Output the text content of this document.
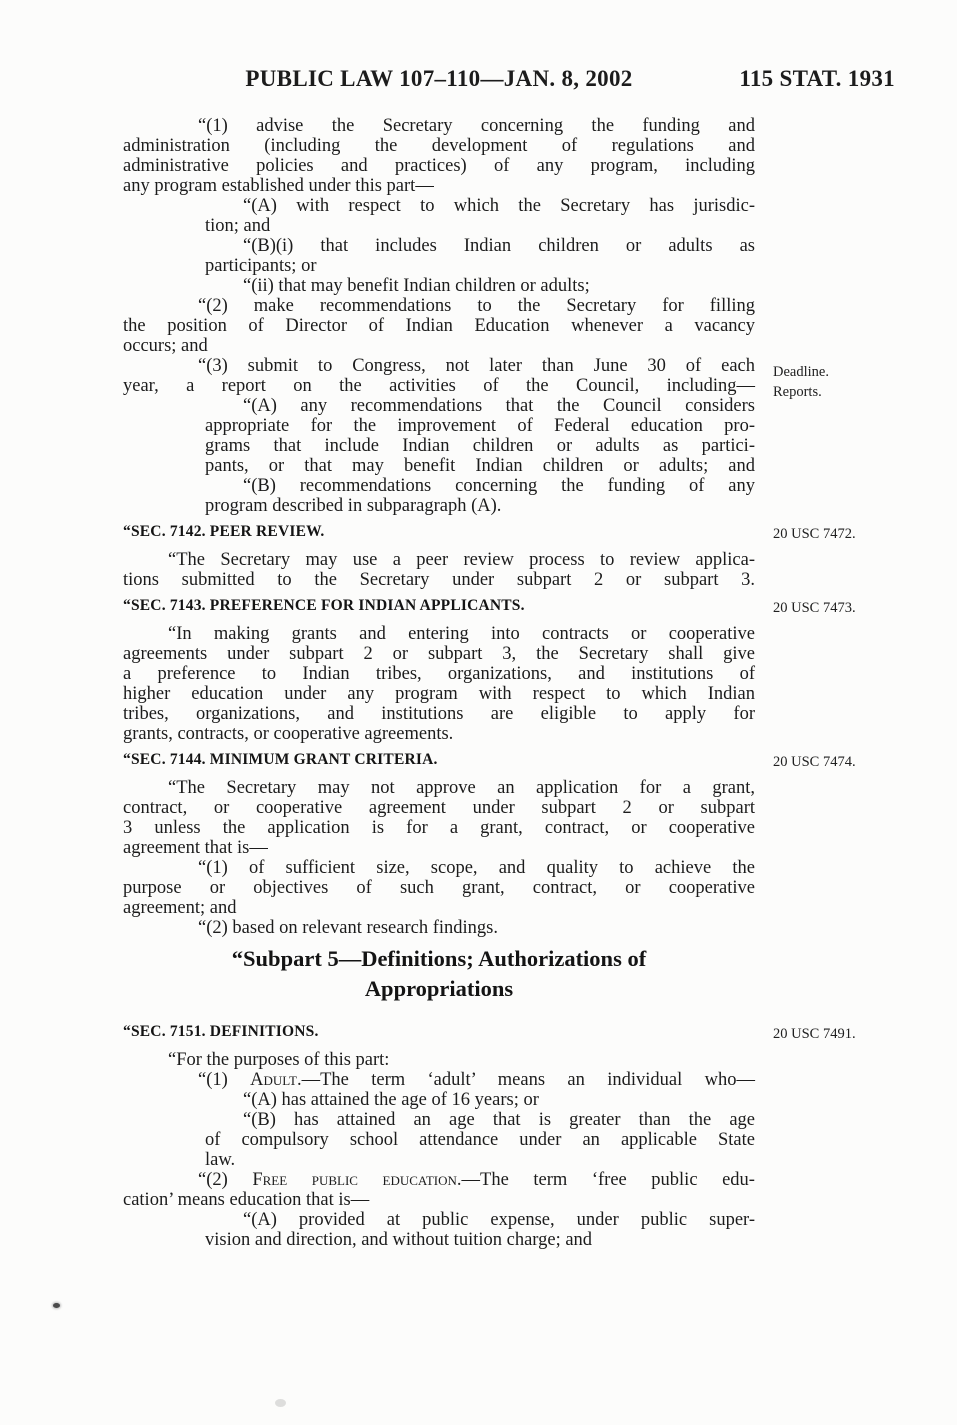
PUBLIC LAW 107–110—JAN. 8, 2002	115 STAT. 1931
“(1) advise the Secretary concerning the funding and
administration (including the development of regulations and
administrative policies and practices) of any program, including
any program established under this part—
“(A) with respect to which the Secretary has jurisdic-
tion; and
“(B)(i) that includes Indian children or adults as
participants; or
“(ii) that may benefit Indian children or adults;
“(2) make recommendations to the Secretary for filling
the position of Director of Indian Education whenever a vacancy
occurs; and
“(3) submit to Congress, not later than June 30 of each
year, a report on the activities of the Council, including—
“(A) any recommendations that the Council considers
appropriate for the improvement of Federal education pro-
grams that include Indian children or adults as partici-
pants, or that may benefit Indian children or adults; and
“(B) recommendations concerning the funding of any
program described in subparagraph (A).
“SEC. 7142. PEER REVIEW.
“The Secretary may use a peer review process to review applica-
tions submitted to the Secretary under subpart 2 or subpart 3.
“SEC. 7143. PREFERENCE FOR INDIAN APPLICANTS.
“In making grants and entering into contracts or cooperative
agreements under subpart 2 or subpart 3, the Secretary shall give
a preference to Indian tribes, organizations, and institutions of
higher education under any program with respect to which Indian
tribes, organizations, and institutions are eligible to apply for
grants, contracts, or cooperative agreements.
“SEC. 7144. MINIMUM GRANT CRITERIA.
“The Secretary may not approve an application for a grant,
contract, or cooperative agreement under subpart 2 or subpart
3 unless the application is for a grant, contract, or cooperative
agreement that is—
“(1) of sufficient size, scope, and quality to achieve the
purpose or objectives of such grant, contract, or cooperative
agreement; and
“(2) based on relevant research findings.
“Subpart 5—Definitions; Authorizations of
Appropriations
“SEC. 7151. DEFINITIONS.
“For the purposes of this part:
“(1) Adult.—The term ‘adult’ means an individual who—
“(A) has attained the age of 16 years; or
“(B) has attained an age that is greater than the age
of compulsory school attendance under an applicable State
law.
“(2) Free public education.—The term ‘free public edu-
cation’ means education that is—
“(A) provided at public expense, under public super-
vision and direction, and without tuition charge; and
Deadline.
Reports.
20 USC 7472.
20 USC 7473.
20 USC 7474.
20 USC 7491.
